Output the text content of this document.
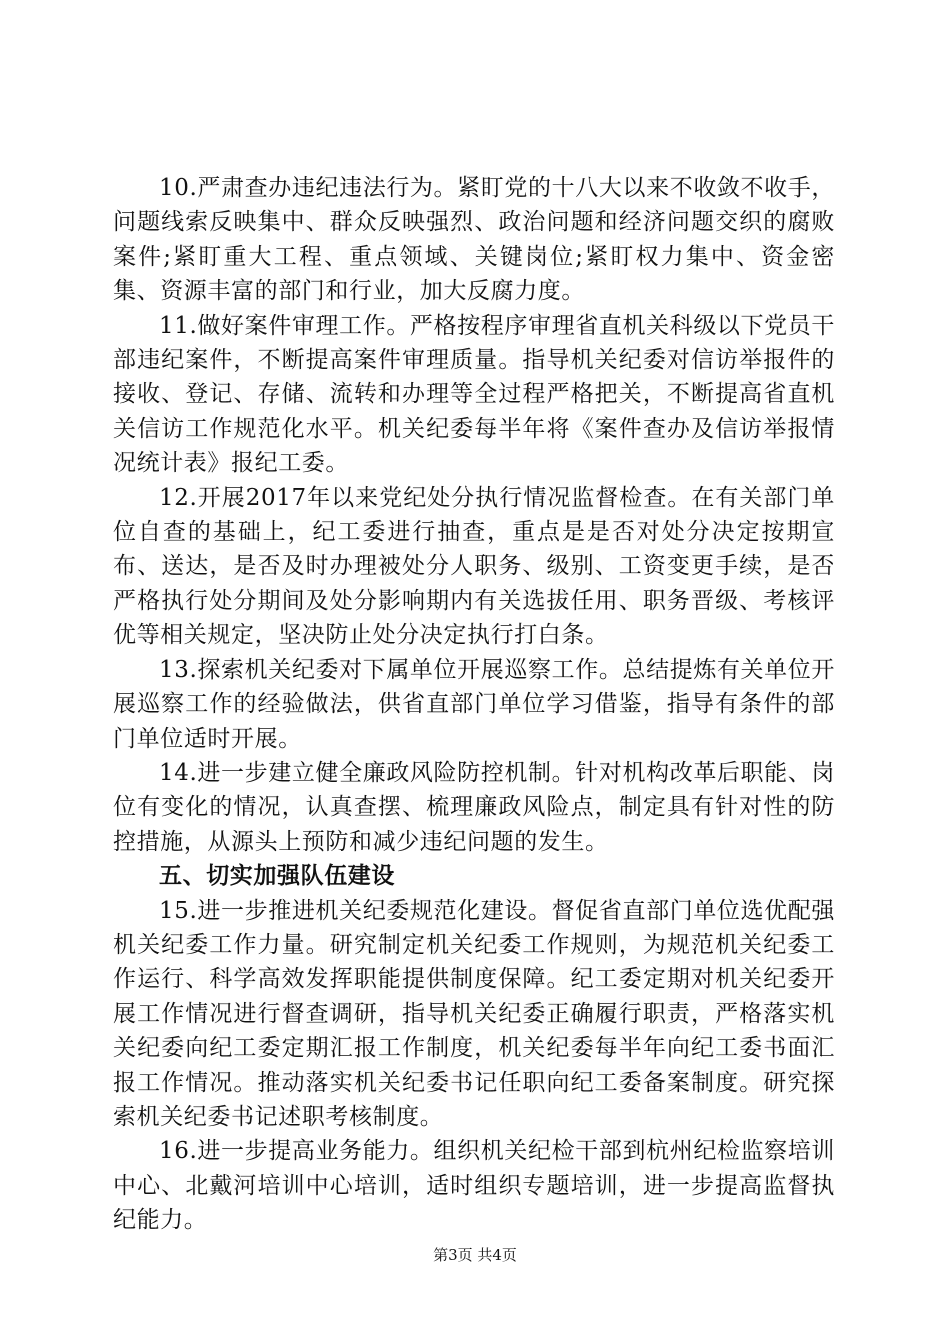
10.严肃查办违纪违法行为。紧盯党的十八大以来不收敛不收手，问题线索反映集中、群众反映强烈、政治问题和经济问题交织的腐败案件;紧盯重大工程、重点领域、关键岗位;紧盯权力集中、资金密集、资源丰富的部门和行业，加大反腐力度。

11.做好案件审理工作。严格按程序审理省直机关科级以下党员干部违纪案件，不断提高案件审理质量。指导机关纪委对信访举报件的接收、登记、存储、流转和办理等全过程严格把关，不断提高省直机关信访工作规范化水平。机关纪委每半年将《案件查办及信访举报情况统计表》报纪工委。

12.开展2017年以来党纪处分执行情况监督检查。在有关部门单位自查的基础上，纪工委进行抽查，重点是是否对处分决定按期宣布、送达，是否及时办理被处分人职务、级别、工资变更手续，是否严格执行处分期间及处分影响期内有关选拔任用、职务晋级、考核评优等相关规定，坚决防止处分决定执行打白条。

13.探索机关纪委对下属单位开展巡察工作。总结提炼有关单位开展巡察工作的经验做法，供省直部门单位学习借鉴，指导有条件的部门单位适时开展。

14.进一步建立健全廉政风险防控机制。针对机构改革后职能、岗位有变化的情况，认真查摆、梳理廉政风险点，制定具有针对性的防控措施，从源头上预防和减少违纪问题的发生。

五、切实加强队伍建设

15.进一步推进机关纪委规范化建设。督促省直部门单位选优配强机关纪委工作力量。研究制定机关纪委工作规则，为规范机关纪委工作运行、科学高效发挥职能提供制度保障。纪工委定期对机关纪委开展工作情况进行督查调研，指导机关纪委正确履行职责，严格落实机关纪委向纪工委定期汇报工作制度，机关纪委每半年向纪工委书面汇报工作情况。推动落实机关纪委书记任职向纪工委备案制度。研究探索机关纪委书记述职考核制度。

16.进一步提高业务能力。组织机关纪检干部到杭州纪检监察培训中心、北戴河培训中心培训，适时组织专题培训，进一步提高监督执纪能力。

第3页 共4页
